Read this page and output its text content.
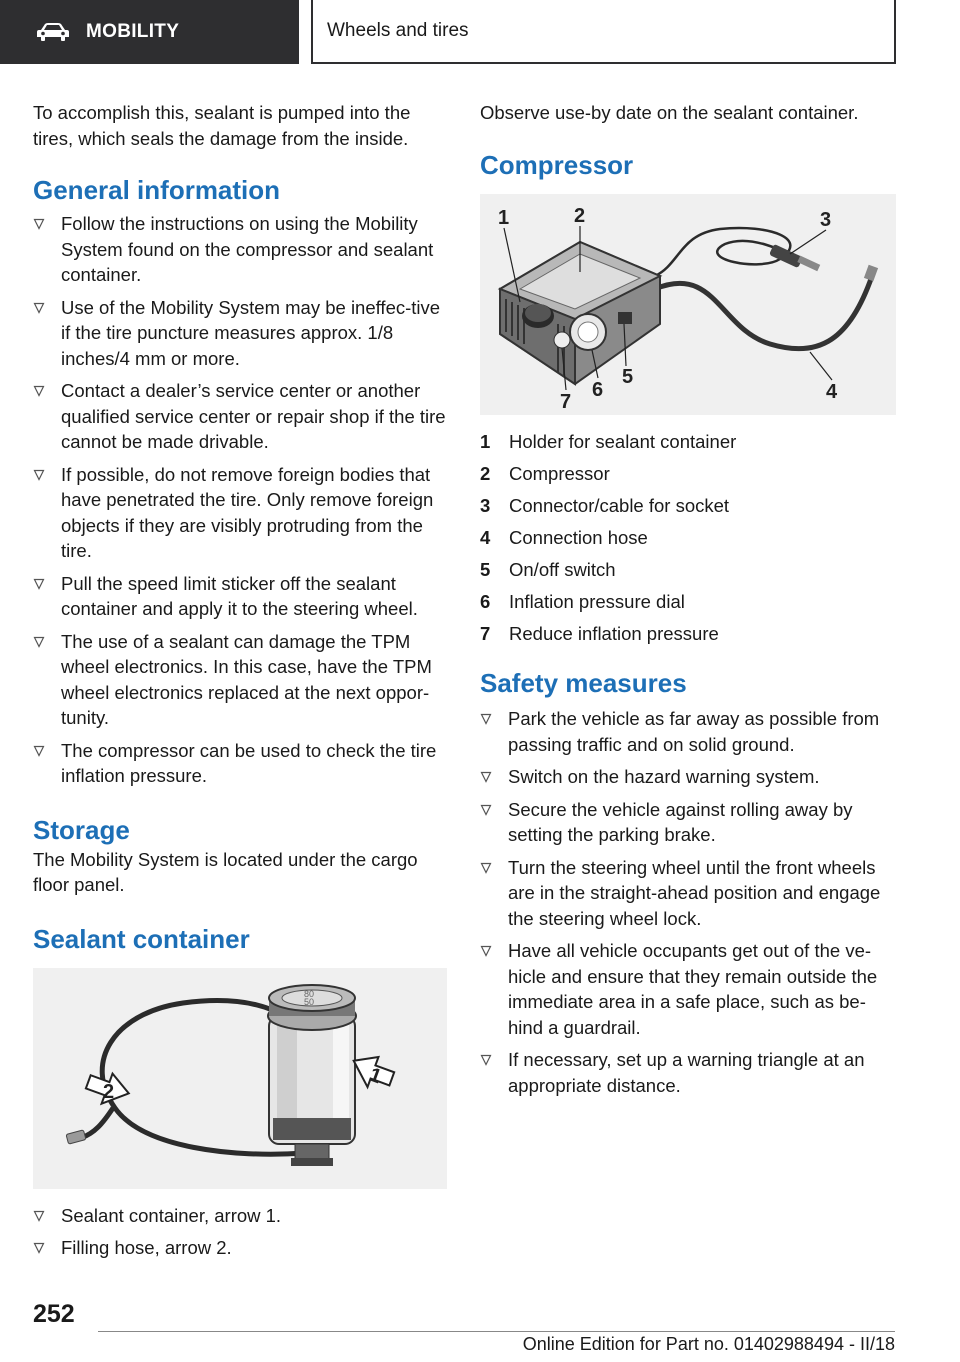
MOBILITY	Wheels and tires

To accomplish this, sealant is pumped into the tires, which seals the damage from the inside.

General information
Follow the instructions on using the Mobility System found on the compressor and sealant container.
Use of the Mobility System may be ineffec-tive if the tire puncture measures approx. 1/8 inches/4 mm or more.
Contact a dealer’s service center or another qualified service center or repair shop if the tire cannot be made drivable.
If possible, do not remove foreign bodies that have penetrated the tire. Only remove foreign objects if they are visibly protruding from the tire.
Pull the speed limit sticker off the sealant container and apply it to the steering wheel.
The use of a sealant can damage the TPM wheel electronics. In this case, have the TPM wheel electronics replaced at the next oppor-tunity.
The compressor can be used to check the tire inflation pressure.
Storage

The Mobility System is located under the cargo floor panel.

Sealant container
80
50
1
2
Sealant container, arrow 1.
Filling hose, arrow 2.

Observe use-by date on the sealant container.

Compressor
1	2	3
4
5
6
7
1	Holder for sealant container
2	Compressor
3	Connector/cable for socket
4	Connection hose
5	On/off switch
6	Inflation pressure dial
7	Reduce inflation pressure
Safety measures
Park the vehicle as far away as possible from passing traffic and on solid ground.
Switch on the hazard warning system.
Secure the vehicle against rolling away by setting the parking brake.
Turn the steering wheel until the front wheels are in the straight-ahead position and engage the steering wheel lock.
Have all vehicle occupants get out of the ve-hicle and ensure that they remain outside the immediate area in a safe place, such as be-hind a guardrail.
If necessary, set up a warning triangle at an appropriate distance.
252
Online Edition for Part no. 01402988494 - II/18
